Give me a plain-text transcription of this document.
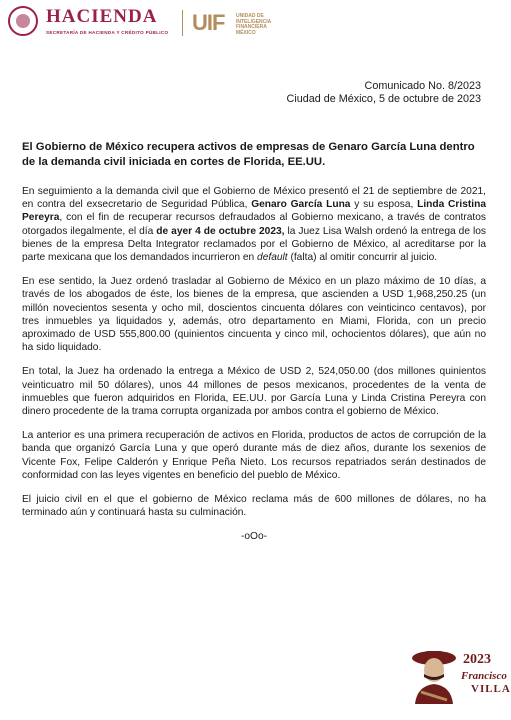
HACIENDA
SECRETARÍA DE HACIENDA Y CRÉDITO PÚBLICO UIF UNIDAD DE
INTELIGENCIA
FINANCIERA
MÉXICO
Comunicado No. 8/2023
Ciudad de México, 5 de octubre de 2023
El Gobierno de México recupera activos de empresas de Genaro García Luna dentro de la demanda civil iniciada en cortes de Florida, EE.UU.

En seguimiento a la demanda civil que el Gobierno de México presentó el 21 de septiembre de 2021, en contra del exsecretario de Seguridad Pública, Genaro García Luna y su esposa, Linda Cristina Pereyra, con el fin de recuperar recursos defraudados al Gobierno mexicano, a través de contratos otorgados ilegalmente, el día de ayer 4 de octubre 2023, la Juez Lisa Walsh ordenó la entrega de los bienes de la empresa Delta Integrator reclamados por el Gobierno de México, al acreditarse por la parte mexicana que los demandados incurrieron en default (falta) al omitir concurrir al juicio.

En ese sentido, la Juez ordenó trasladar al Gobierno de México en un plazo máximo de 10 días, a través de los abogados de éste, los bienes de la empresa, que ascienden a USD 1,968,250.25 (un millón novecientos sesenta y ocho mil, doscientos cincuenta dólares con veinticinco centavos), por tres inmuebles ya liquidados y, además, otro departamento en Miami, Florida, con un precio aproximado de USD 555,800.00 (quinientos cincuenta y cinco mil, ochocientos dólares), que aún no ha sido liquidado.

En total, la Juez ha ordenado la entrega a México de USD 2, 524,050.00 (dos millones quinientos veinticuatro mil 50 dólares), unos 44 millones de pesos mexicanos, procedentes de la venta de inmuebles que fueron adquiridos en Florida, EE.UU. por García Luna y Linda Cristina Pereyra con dinero procedente de la trama corrupta organizada por ambos contra el gobierno de México.

La anterior es una primera recuperación de activos en Florida, productos de actos de corrupción de la banda que organizó García Luna y que operó durante más de diez años, durante los sexenios de Vicente Fox, Felipe Calderón y Enrique Peña Nieto. Los recursos repatriados serán destinados de conformidad con las leyes vigentes en beneficio del pueblo de México.

El juicio civil en el que el gobierno de México reclama más de 600 millones de dólares, no ha terminado aún y continuará hasta su culminación.

-oOo-

2023
Francisco
VILLA
